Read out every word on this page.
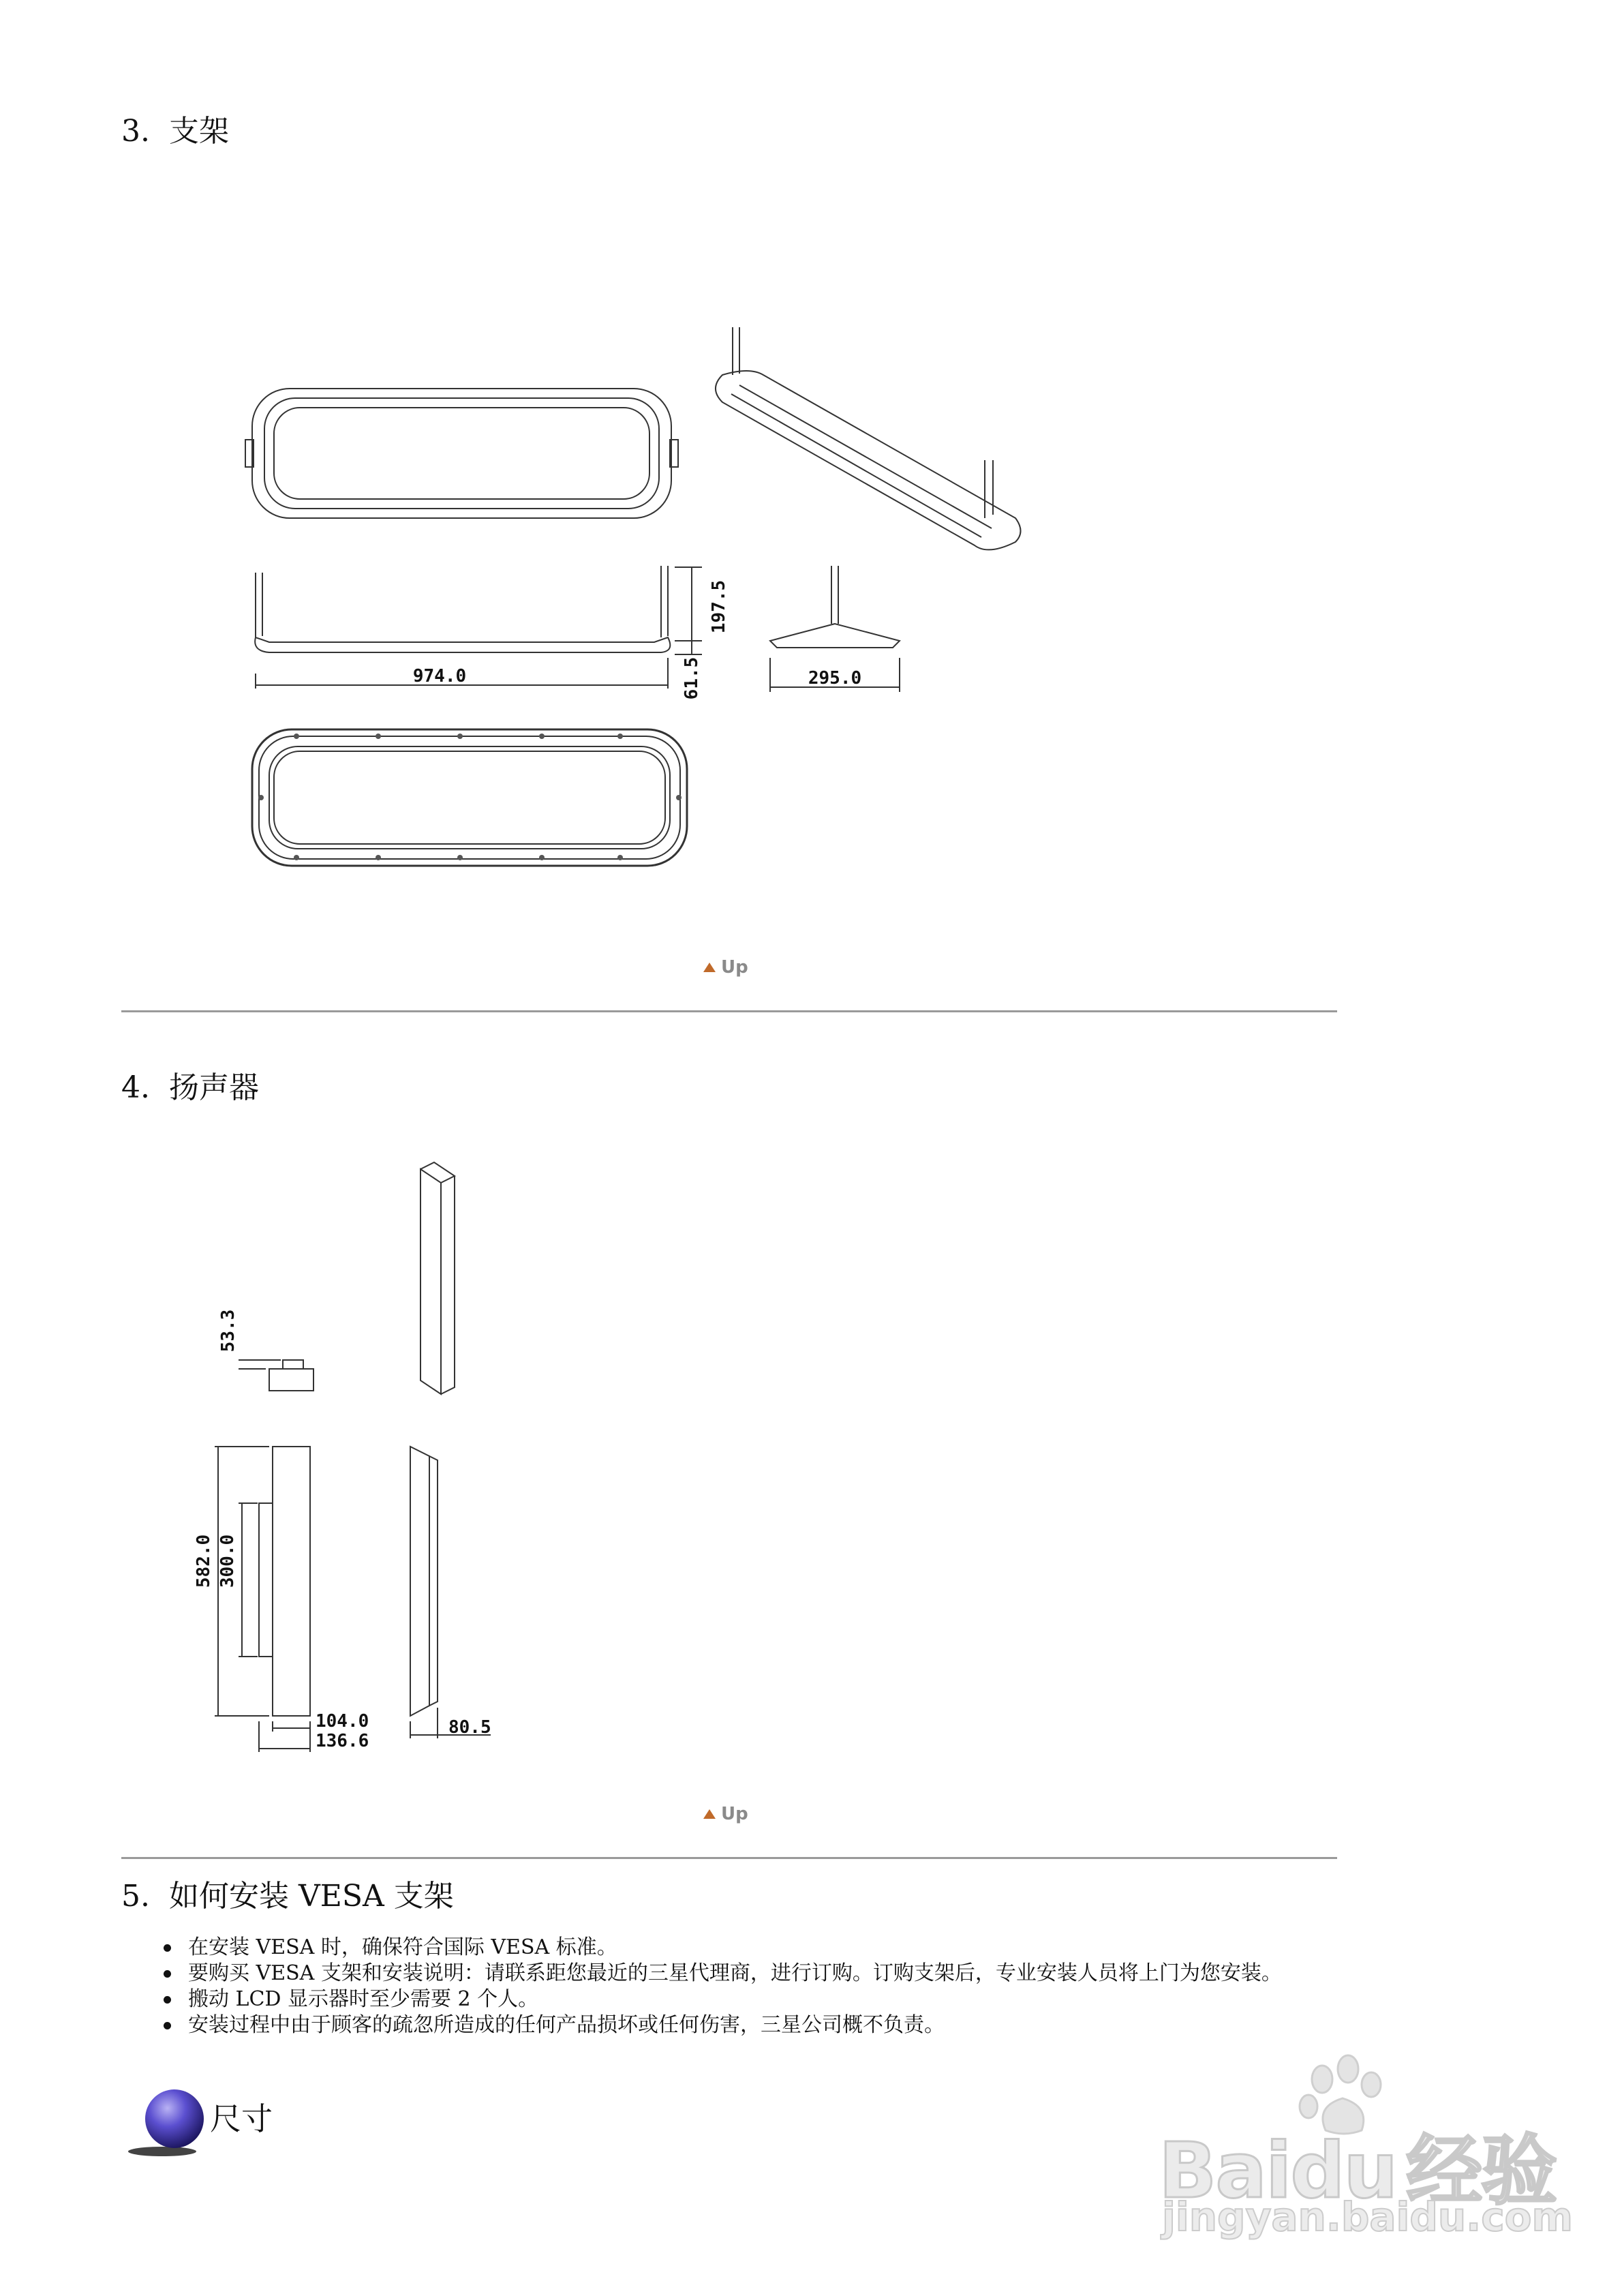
3. 支架
974.0
197.5
61.5	295.0
Up
4. 扬声器
53.3
582.0 300.0
104.0
136.6
80.5
Up
5. 如何安装 VESA 支架
在安装 VESA 时，确保符合国际 VESA 标准。
要购买 VESA 支架和安装说明：请联系距您最近的三星代理商，进行订购。订购支架后，专业安装人员将上门为您安装。
搬动 LCD 显示器时至少需要 2 个人。
安装过程中由于顾客的疏忽所造成的任何产品损坏或任何伤害，三星公司概不负责。
尺寸
Baidu 经验
jingyan.baidu.com
